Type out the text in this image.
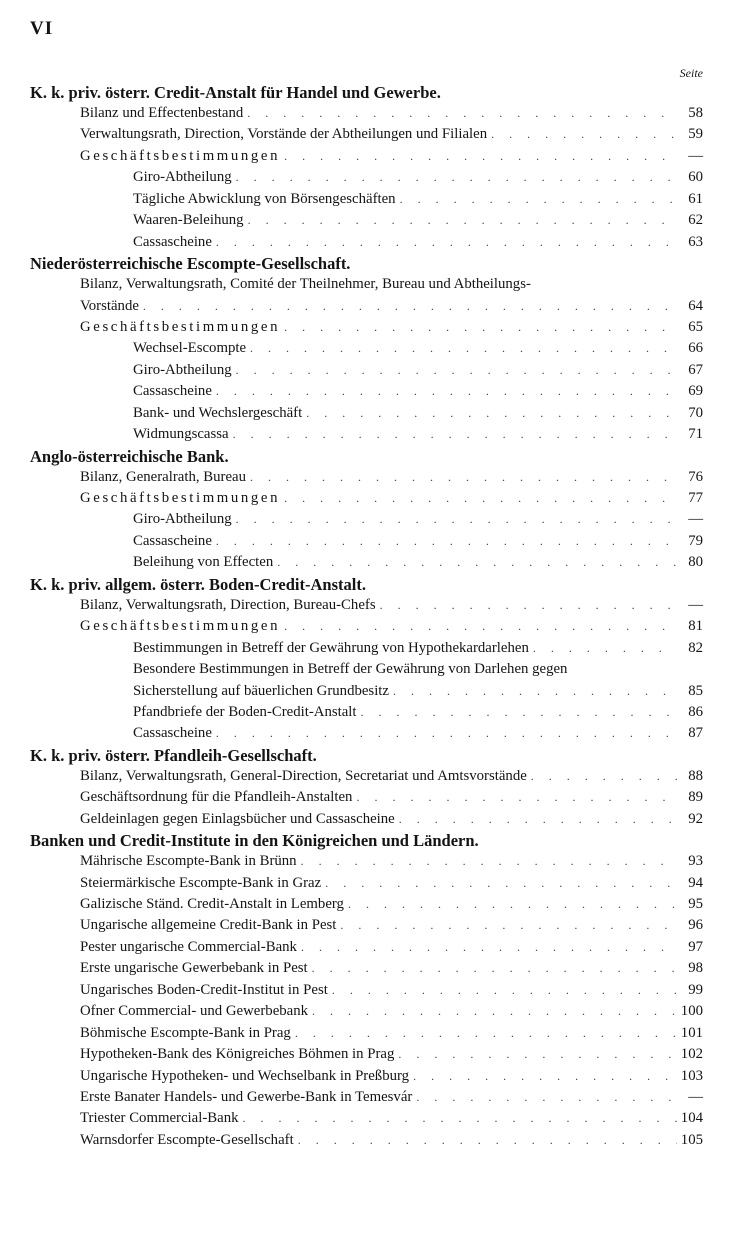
VI
Seite
K. k. priv. österr. Credit-Anstalt für Handel und Gewerbe.
Bilanz und Effectenbestand . . .	58
Verwaltungsrath, Direction, Vorstände der Abtheilungen und Filialen . . .	59
Geschäftsbestimmungen . . .	—
Giro-Abtheilung . . .	60
Tägliche Abwicklung von Börsengeschäften . . .	61
Waaren-Beleihung . . .	62
Cassascheine . . .	63
Niederösterreichische Escompte-Gesellschaft.
Bilanz, Verwaltungsrath, Comité der Theilnehmer, Bureau und Abtheilungs-
Vorstände . . .	64
Geschäftsbestimmungen . . .	65
Wechsel-Escompte . . .	66
Giro-Abtheilung . . .	67
Cassascheine . . .	69
Bank- und Wechslergeschäft . . .	70
Widmungscassa . . .	71
Anglo-österreichische Bank.
Bilanz, Generalrath, Bureau . . .	76
Geschäftsbestimmungen . . .	77
Giro-Abtheilung . . .	—
Cassascheine . . .	79
Beleihung von Effecten . . .	80
K. k. priv. allgem. österr. Boden-Credit-Anstalt.
Bilanz, Verwaltungsrath, Direction, Bureau-Chefs . . .	—
Geschäftsbestimmungen . . .	81
Bestimmungen in Betreff der Gewährung von Hypothekardarlehen . . .	82
Besondere Bestimmungen in Betreff der Gewährung von Darlehen gegen
Sicherstellung auf bäuerlichen Grundbesitz . . .	85
Pfandbriefe der Boden-Credit-Anstalt . . .	86
Cassascheine . . .	87
K. k. priv. österr. Pfandleih-Gesellschaft.
Bilanz, Verwaltungsrath, General-Direction, Secretariat und Amtsvorstände . . .	88
Geschäftsordnung für die Pfandleih-Anstalten . . .	89
Geldeinlagen gegen Einlagsbücher und Cassascheine . . .	92
Banken und Credit-Institute in den Königreichen und Ländern.
Mährische Escompte-Bank in Brünn . . .	93
Steiermärkische Escompte-Bank in Graz . . .	94
Galizische Ständ. Credit-Anstalt in Lemberg . . .	95
Ungarische allgemeine Credit-Bank in Pest . . .	96
Pester ungarische Commercial-Bank . . .	97
Erste ungarische Gewerbebank in Pest . . .	98
Ungarisches Boden-Credit-Institut in Pest . . .	99
Ofner Commercial- und Gewerbebank . . .	100
Böhmische Escompte-Bank in Prag . . .	101
Hypotheken-Bank des Königreiches Böhmen in Prag . . .	102
Ungarische Hypotheken- und Wechselbank in Preßburg . . .	103
Erste Banater Handels- und Gewerbe-Bank in Temesvár . . .	—
Triester Commercial-Bank . . .	104
Warnsdorfer Escompte-Gesellschaft . . .	105
